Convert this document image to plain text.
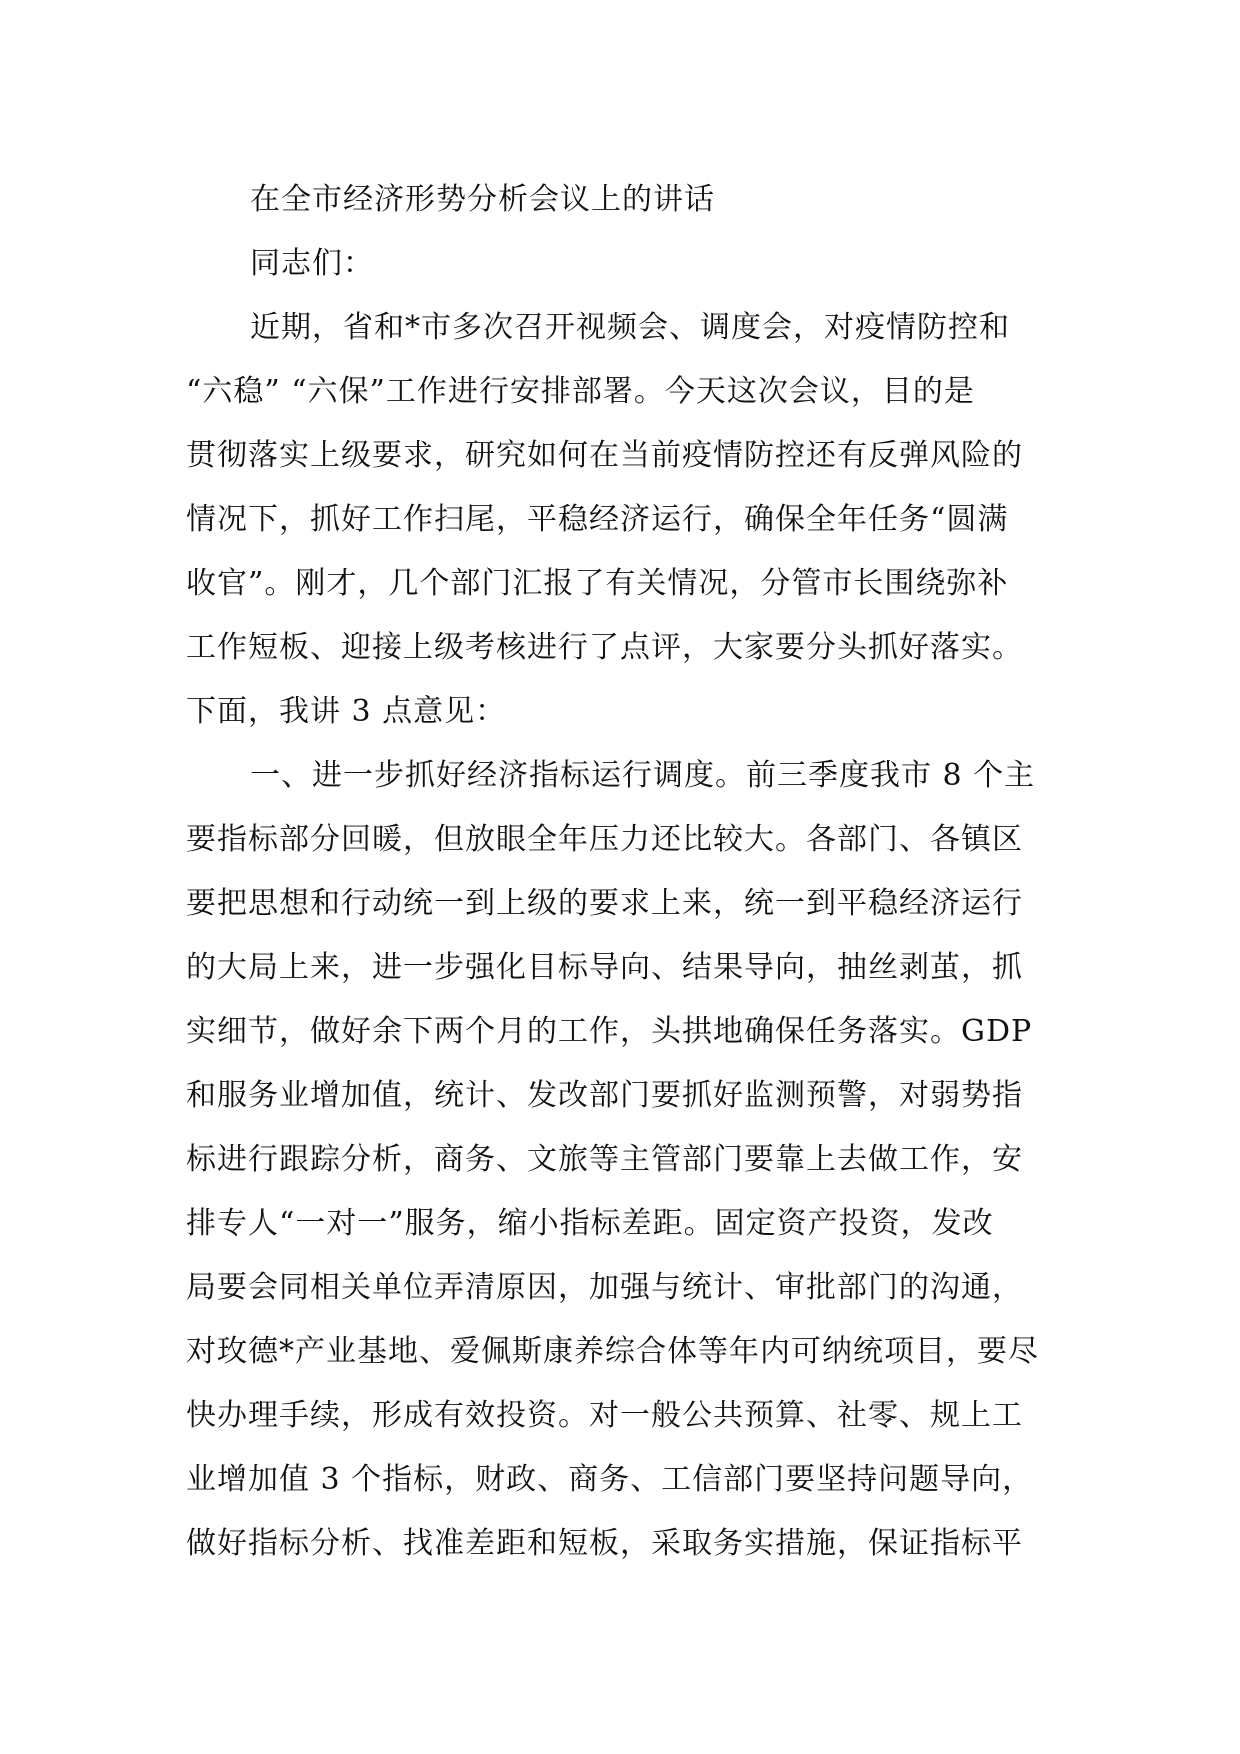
在全市经济形势分析会议上的讲话
同志们：
近期，省和*市多次召开视频会、调度会，对疫情防控和
“六稳” “六保”工作进行安排部署。今天这次会议，目的是
贯彻落实上级要求，研究如何在当前疫情防控还有反弹风险的
情况下，抓好工作扫尾，平稳经济运行，确保全年任务“圆满
收官”。刚才，几个部门汇报了有关情况，分管市长围绕弥补
工作短板、迎接上级考核进行了点评，大家要分头抓好落实。
下面，我讲 3 点意见：
一、进一步抓好经济指标运行调度。前三季度我市 8 个主
要指标部分回暖，但放眼全年压力还比较大。各部门、各镇区
要把思想和行动统一到上级的要求上来，统一到平稳经济运行
的大局上来，进一步强化目标导向、结果导向，抽丝剥茧，抓
实细节，做好余下两个月的工作，头拱地确保任务落实。GDP
和服务业增加值，统计、发改部门要抓好监测预警，对弱势指
标进行跟踪分析，商务、文旅等主管部门要靠上去做工作，安
排专人“一对一”服务，缩小指标差距。固定资产投资，发改
局要会同相关单位弄清原因，加强与统计、审批部门的沟通，
对玫德*产业基地、爱佩斯康养综合体等年内可纳统项目，要尽
快办理手续，形成有效投资。对一般公共预算、社零、规上工
业增加值 3 个指标，财政、商务、工信部门要坚持问题导向，
做好指标分析、找准差距和短板，采取务实措施，保证指标平
